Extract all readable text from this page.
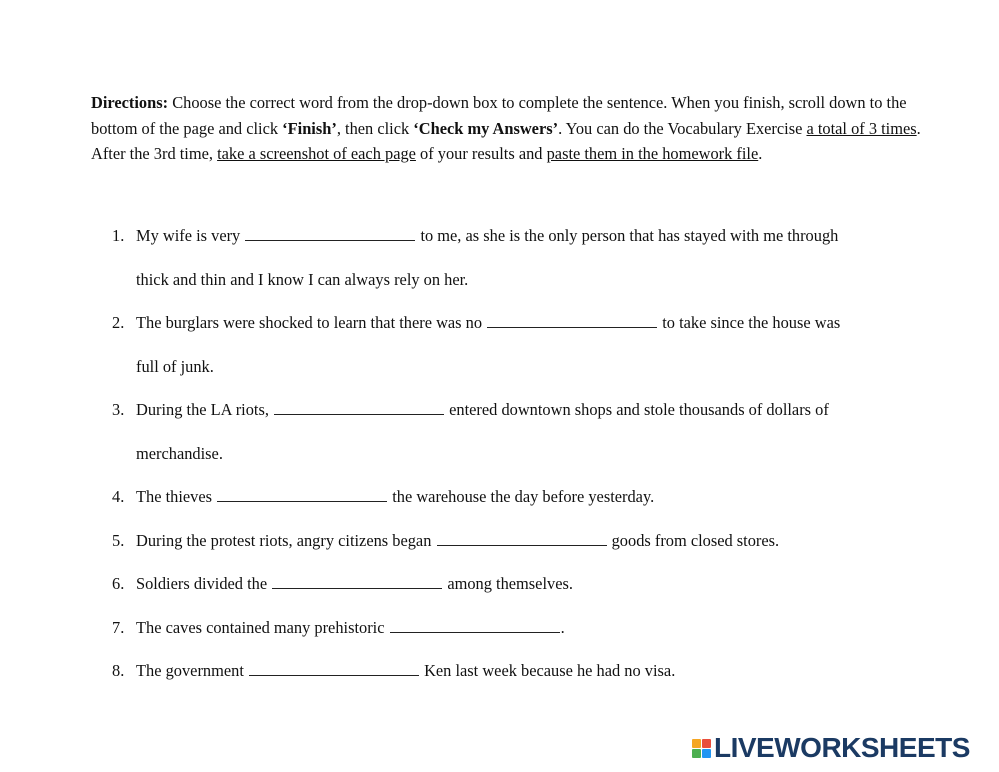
Directions: Choose the correct word from the drop-down box to complete the sentence. When you finish, scroll down to the bottom of the page and click ‘Finish’, then click ‘Check my Answers’. You can do the Vocabulary Exercise a total of 3 times. After the 3rd time, take a screenshot of each page of your results and paste them in the homework file.
1. My wife is very	to me, as she is the only person that has stayed with me through
thick and thin and I know I can always rely on her.
2. The burglars were shocked to learn that there was no	to take since the house was
full of junk.
3. During the LA riots,	entered downtown shops and stole thousands of dollars of
merchandise.
4. The thieves	the warehouse the day before yesterday.
5. During the protest riots, angry citizens began	goods from closed stores.
6. Soldiers divided the	among themselves.
7. The caves contained many prehistoric	.
8. The government	Ken last week because he had no visa.
LIVEWORKSHEETS
